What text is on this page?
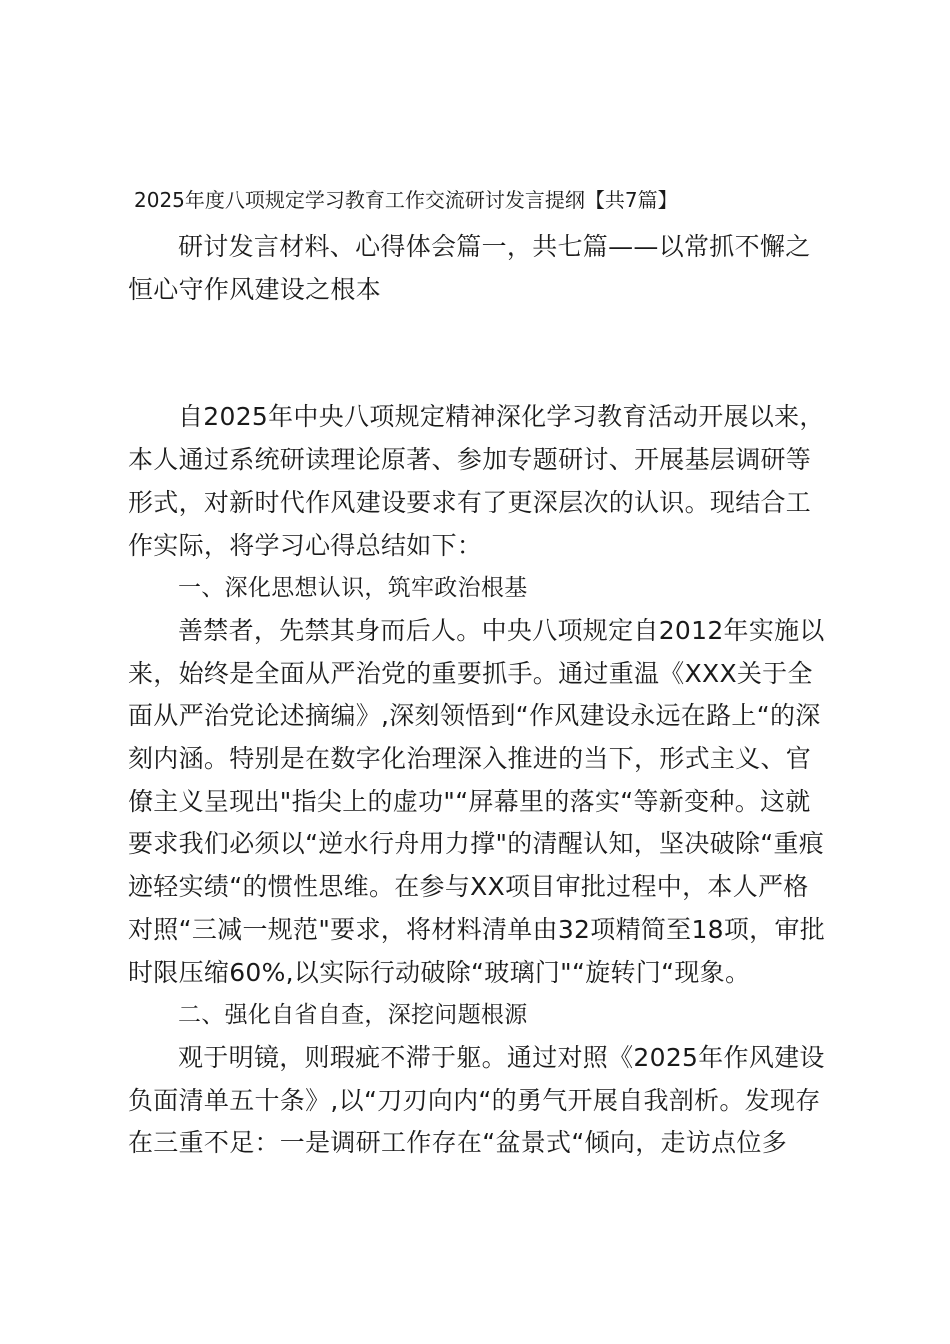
2025年度八项规定学习教育工作交流研讨发言提纲【共7篇】

研讨发言材料、心得体会篇一，共七篇——以常抓不懈之恒心守作风建设之根本

自2025年中央八项规定精神深化学习教育活动开展以来，本人通过系统研读理论原著、参加专题研讨、开展基层调研等形式，对新时代作风建设要求有了更深层次的认识。现结合工作实际，将学习心得总结如下：

一、深化思想认识，筑牢政治根基

善禁者，先禁其身而后人。中央八项规定自2012年实施以来，始终是全面从严治党的重要抓手。通过重温《XXX关于全面从严治党论述摘编》,深刻领悟到“作风建设永远在路上“的深刻内涵。特别是在数字化治理深入推进的当下，形式主义、官僚主义呈现出"指尖上的虚功"“屏幕里的落实“等新变种。这就要求我们必须以“逆水行舟用力撑"的清醒认知，坚决破除“重痕迹轻实绩“的惯性思维。在参与XX项目审批过程中，本人严格对照“三减一规范"要求，将材料清单由32项精简至18项，审批时限压缩60%,以实际行动破除“玻璃门"“旋转门“现象。

二、强化自省自查，深挖问题根源

观于明镜，则瑕疵不滞于躯。通过对照《2025年作风建设负面清单五十条》,以“刀刃向内“的勇气开展自我剖析。发现存在三重不足：一是调研工作存在“盆景式“倾向，走访点位多
